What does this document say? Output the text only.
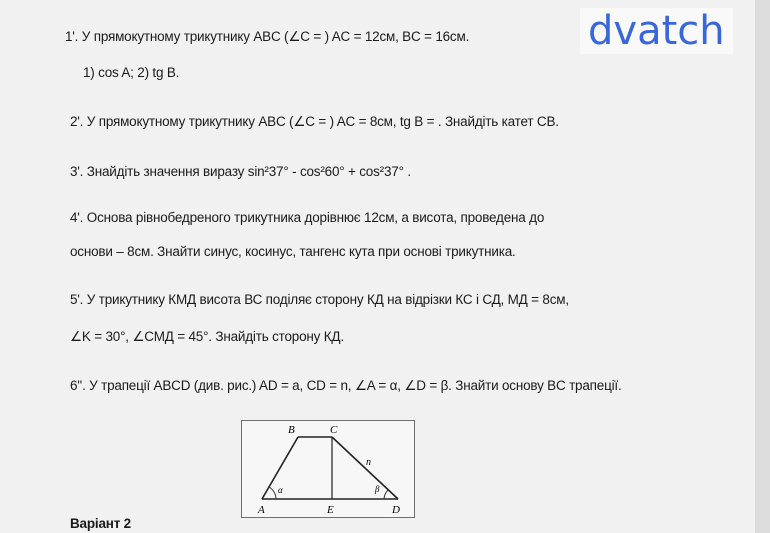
1'. У прямокутному трикутнику ABC (∠C = ) AC = 12см, BC = 16см.
1) cos A; 2) tg B.
2'. У прямокутному трикутнику ABC (∠C = ) AC = 8см, tg B = . Знайдіть катет CB.
3'. Знайдіть значення виразу sin²37° - cos²60° + cos²37° .
4'. Основа рівнобедреного трикутника дорівнює 12см, а висота, проведена до
основи – 8см. Знайти синус, косинус, тангенс кута при основі трикутника.
5'. У трикутнику КМД висота ВС поділяє сторону КД на відрізки КС і СД, МД = 8см,
∠K = 30°, ∠СМД = 45°. Знайдіть сторону КД.
6''. У трапеції ABCD (див. рис.) AD = a, CD = n, ∠A = α, ∠D = β. Знайти основу BC трапеції.
dvatch
B	C
A	E	D
n
α	β
Варіант 2
